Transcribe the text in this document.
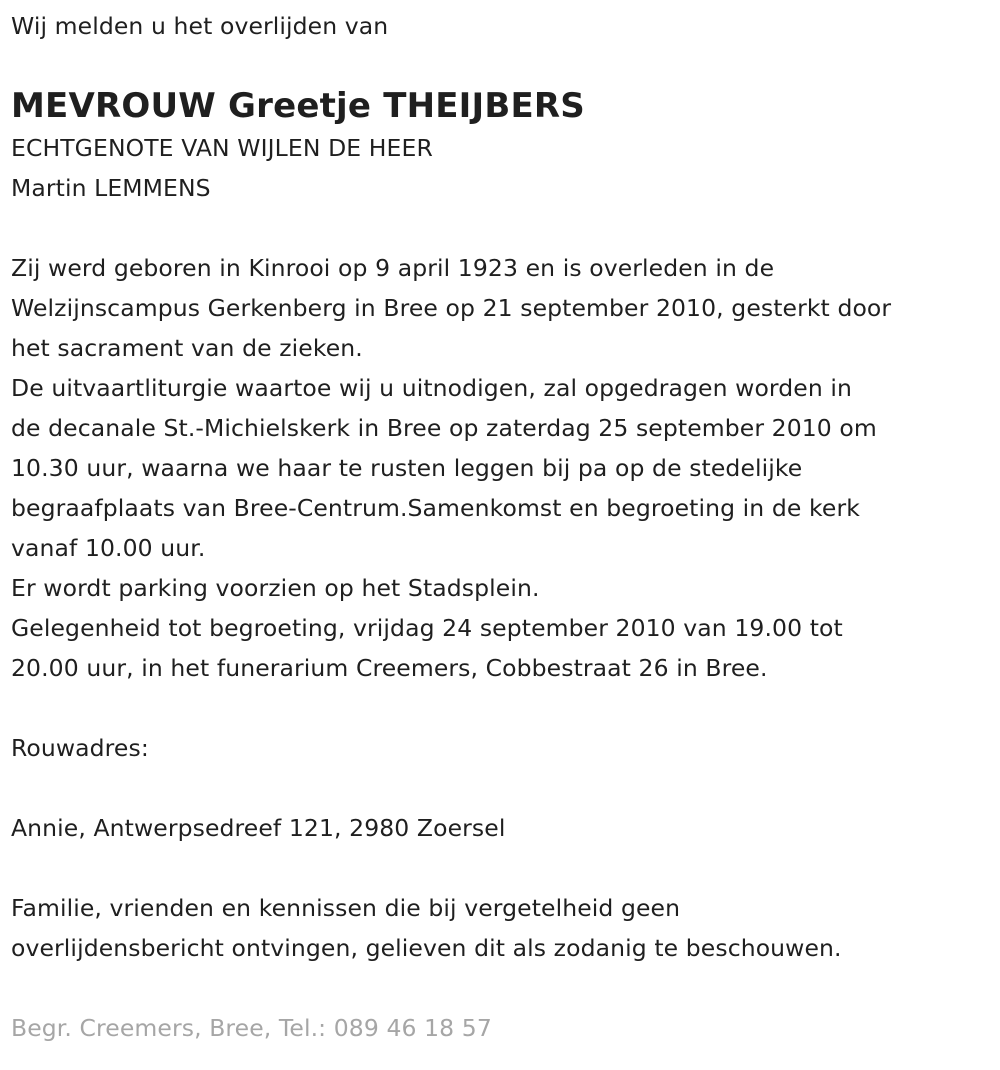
Wij melden u het overlijden van
MEVROUW Greetje THEIJBERS
ECHTGENOTE VAN WIJLEN DE HEER
Martin LEMMENS
Zij werd geboren in Kinrooi op 9 april 1923 en is overleden in de
Welzijnscampus Gerkenberg in Bree op 21 september 2010, gesterkt door
het sacrament van de zieken.
De uitvaartliturgie waartoe wij u uitnodigen, zal opgedragen worden in
de decanale St.-Michielskerk in Bree op zaterdag 25 september 2010 om
10.30 uur, waarna we haar te rusten leggen bij pa op de stedelijke
begraafplaats van Bree-Centrum.Samenkomst en begroeting in de kerk
vanaf 10.00 uur.
Er wordt parking voorzien op het Stadsplein.
Gelegenheid tot begroeting, vrijdag 24 september 2010 van 19.00 tot
20.00 uur, in het funerarium Creemers, Cobbestraat 26 in Bree.
Rouwadres:
Annie, Antwerpsedreef 121, 2980 Zoersel
Familie, vrienden en kennissen die bij vergetelheid geen
overlijdensbericht ontvingen, gelieven dit als zodanig te beschouwen.
Begr. Creemers, Bree, Tel.: 089 46 18 57
